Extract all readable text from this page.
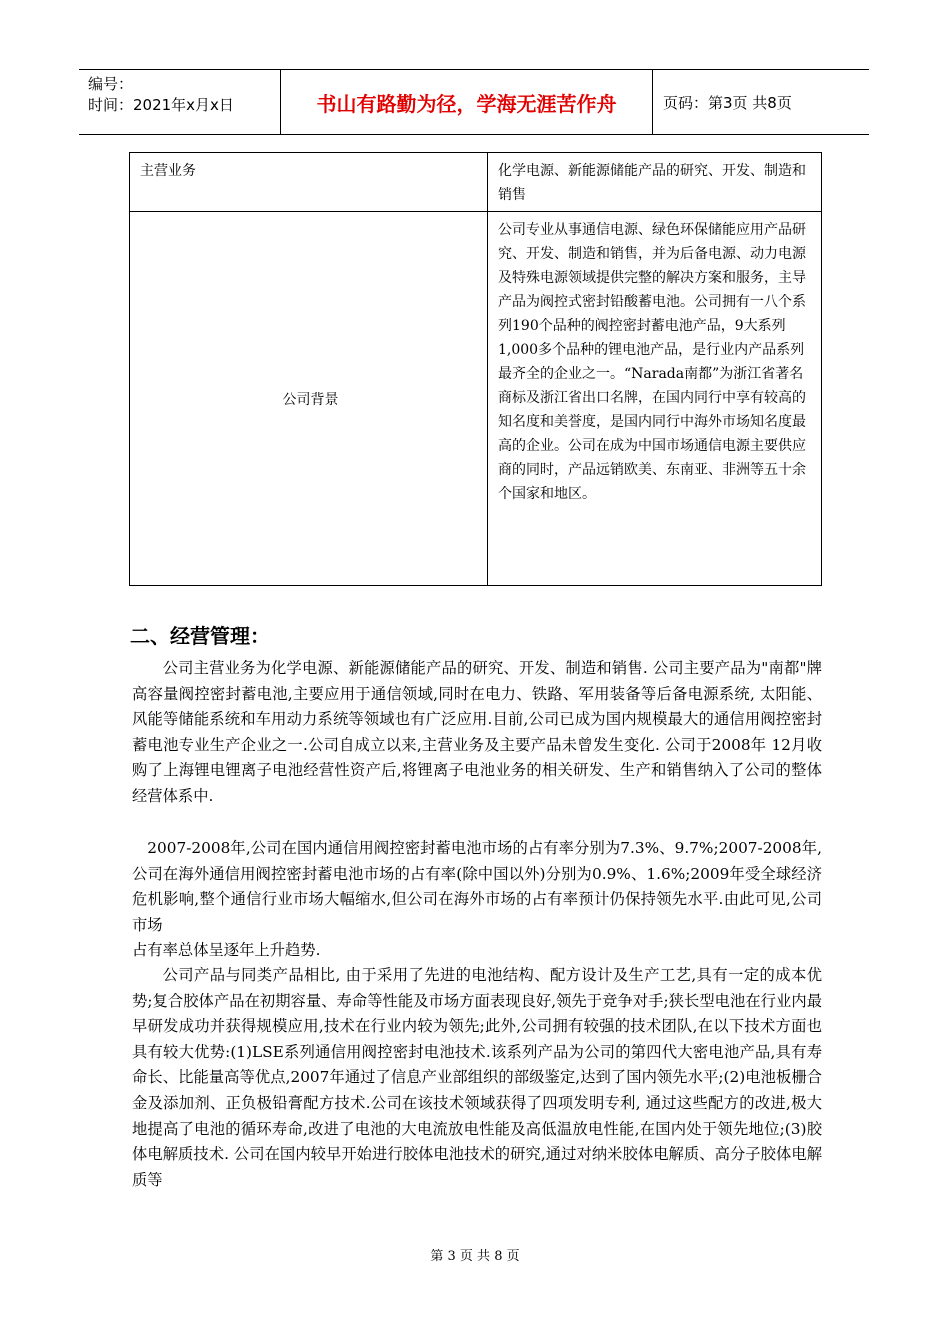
编号：
时间：2021年x月x日	书山有路勤为径，学海无涯苦作舟	页码：第3页 共8页
主营业务	化学电源、新能源储能产品的研究、开发、制造和销售
公司背景	公司专业从事通信电源、绿色环保储能应用产品研究、开发、制造和销售，并为后备电源、动力电源及特殊电源领域提供完整的解决方案和服务，主导产品为阀控式密封铅酸蓄电池。公司拥有一八个系列190个品种的阀控密封蓄电池产品，9大系列1,000多个品种的锂电池产品，是行业内产品系列最齐全的企业之一。“Narada南都”为浙江省著名商标及浙江省出口名牌，在国内同行中享有较高的知名度和美誉度，是国内同行中海外市场知名度最高的企业。公司在成为中国市场通信电源主要供应商的同时，产品远销欧美、东南亚、非洲等五十余个国家和地区。
二、经营管理：

公司主营业务为化学电源、新能源储能产品的研究、开发、制造和销售. 公司主要产品为"南都"牌高容量阀控密封蓄电池,主要应用于通信领域,同时在电力、铁路、军用装备等后备电源系统, 太阳能、风能等储能系统和车用动力系统等领域也有广泛应用.目前,公司已成为国内规模最大的通信用阀控密封蓄电池专业生产企业之一.公司自成立以来,主营业务及主要产品未曾发生变化. 公司于2008年 12月收购了上海锂电锂离子电池经营性资产后,将锂离子电池业务的相关研发、生产和销售纳入了公司的整体经营体系中.

2007-2008年,公司在国内通信用阀控密封蓄电池市场的占有率分别为7.3%、9.7%;2007-2008年,公司在海外通信用阀控密封蓄电池市场的占有率(除中国以外)分别为0.9%、1.6%;2009年受全球经济危机影响,整个通信行业市场大幅缩水,但公司在海外市场的占有率预计仍保持领先水平.由此可见,公司市场

占有率总体呈逐年上升趋势.

公司产品与同类产品相比, 由于采用了先进的电池结构、配方设计及生产工艺,具有一定的成本优势;复合胶体产品在初期容量、寿命等性能及市场方面表现良好,领先于竞争对手;狭长型电池在行业内最早研发成功并获得规模应用,技术在行业内较为领先;此外,公司拥有较强的技术团队,在以下技术方面也具有较大优势:(1)LSE系列通信用阀控密封电池技术.该系列产品为公司的第四代大密电池产品,具有寿命长、比能量高等优点,2007年通过了信息产业部组织的部级鉴定,达到了国内领先水平;(2)电池板栅合金及添加剂、正负极铅膏配方技术.公司在该技术领域获得了四项发明专利, 通过这些配方的改进,极大地提高了电池的循环寿命,改进了电池的大电流放电性能及高低温放电性能,在国内处于领先地位;(3)胶体电解质技术. 公司在国内较早开始进行胶体电池技术的研究,通过对纳米胶体电解质、高分子胶体电解质等

第 3 页 共 8 页
